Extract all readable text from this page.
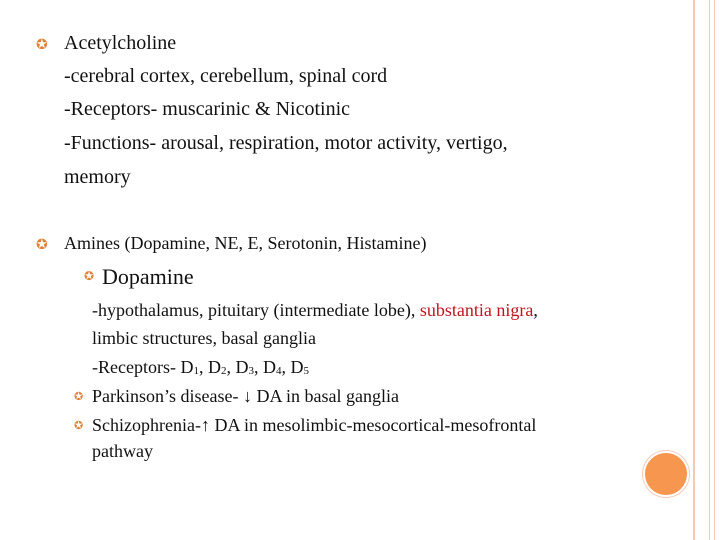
✪ Acetylcholine
-cerebral cortex, cerebellum, spinal cord
-Receptors- muscarinic & Nicotinic
-Functions- arousal, respiration, motor activity, vertigo,
memory
✪ Amines (Dopamine, NE, E, Serotonin, Histamine)
✪ Dopamine
-hypothalamus, pituitary (intermediate lobe), substantia nigra,
limbic structures, basal ganglia
-Receptors- $D_1$, $D_2$, $D_3$, $D_4$, $D_5$
✪ Parkinson’s disease- ↓ DA in basal ganglia
✪ Schizophrenia-↑ DA in mesolimbic-mesocortical-mesofrontal
pathway
